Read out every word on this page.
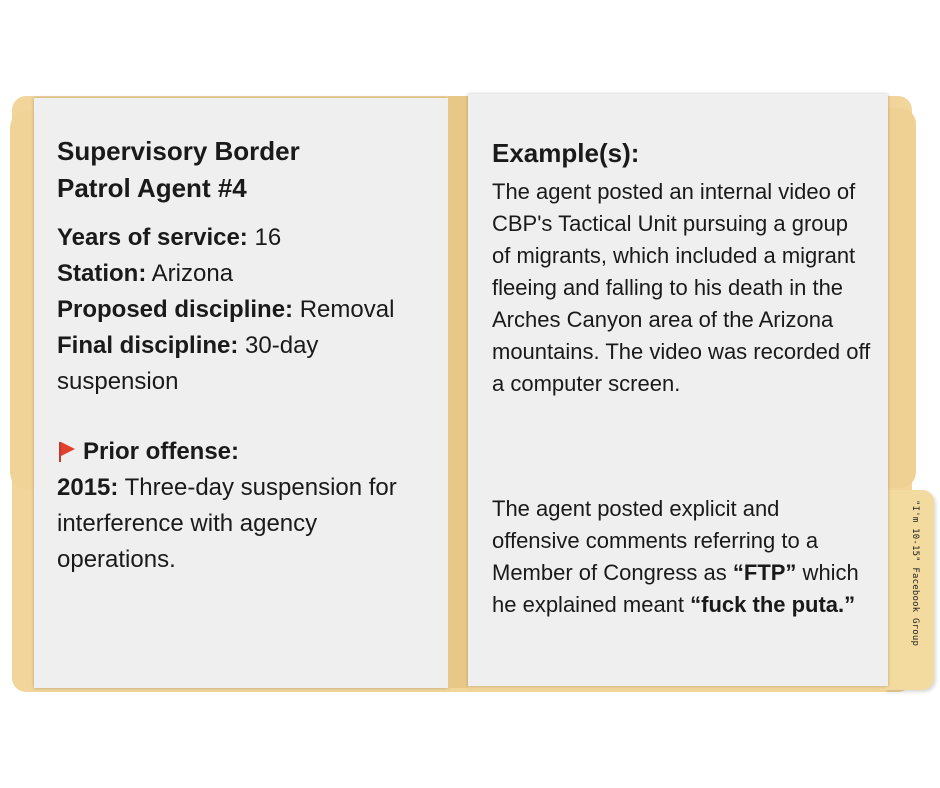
"I'm 10-15" Facebook Group
Supervisory Border
Patrol Agent #4
Years of service: 16
Station: Arizona
Proposed discipline: Removal
Final discipline: 30-day suspension
Prior offense:
2015: Three-day suspension for interference with agency operations.
Example(s):
The agent posted an internal video of CBP's Tactical Unit pursuing a group of migrants, which included a migrant fleeing and falling to his death in the Arches Canyon area of the Arizona mountains. The video was recorded off a computer screen.
The agent posted explicit and offensive comments referring to a Member of Congress as “FTP” which he explained meant “fuck the puta.”
